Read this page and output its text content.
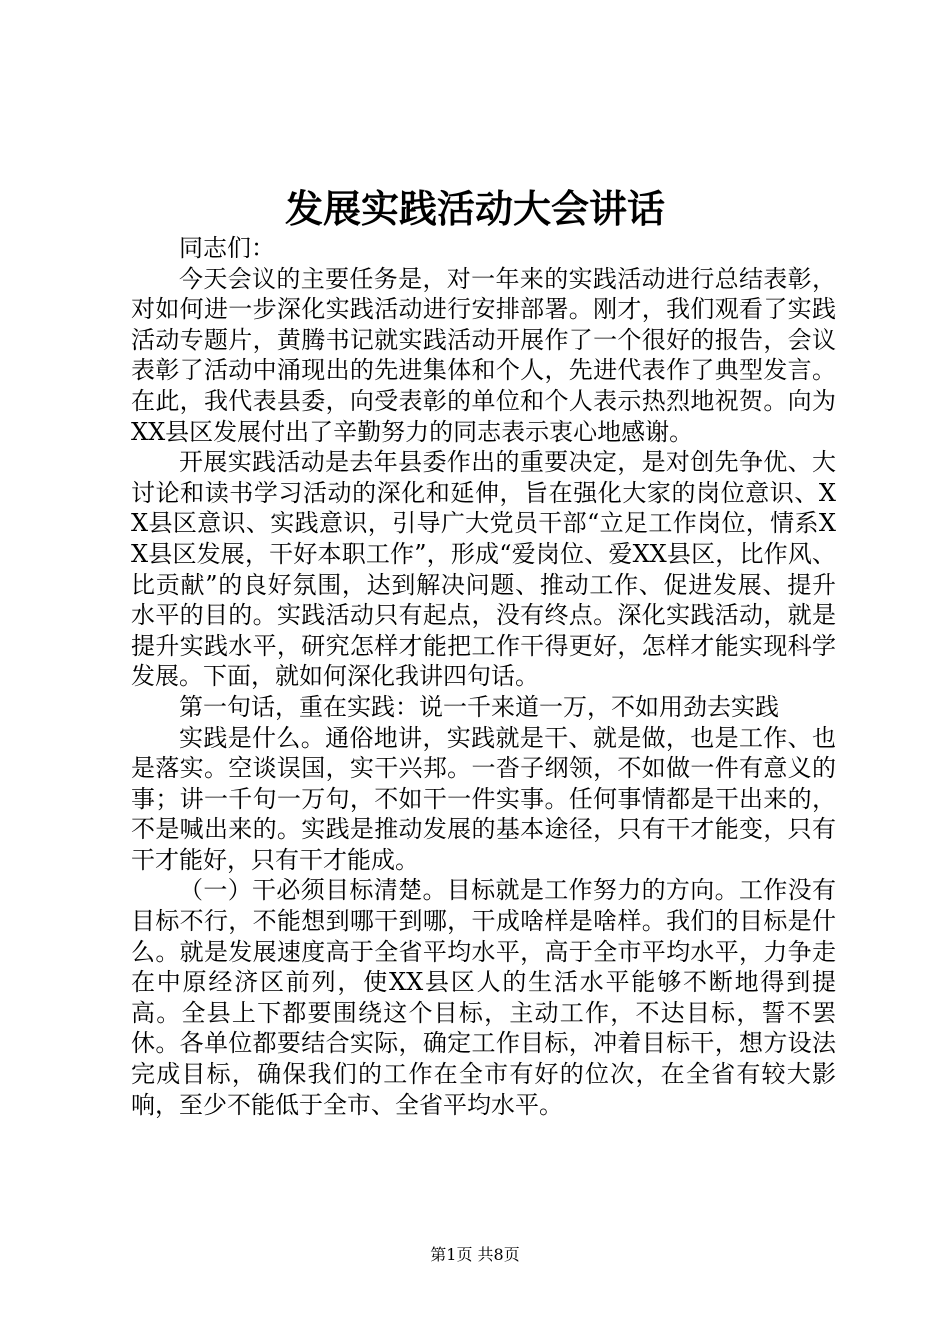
发展实践活动大会讲话

同志们：

今天会议的主要任务是，对一年来的实践活动进行总结表彰，对如何进一步深化实践活动进行安排部署。刚才，我们观看了实践活动专题片，黄腾书记就实践活动开展作了一个很好的报告，会议表彰了活动中涌现出的先进集体和个人，先进代表作了典型发言。在此，我代表县委，向受表彰的单位和个人表示热烈地祝贺。向为XX县区发展付出了辛勤努力的同志表示衷心地感谢。

开展实践活动是去年县委作出的重要决定，是对创先争优、大讨论和读书学习活动的深化和延伸，旨在强化大家的岗位意识、XX县区意识、实践意识，引导广大党员干部“立足工作岗位，情系XX县区发展，干好本职工作”，形成“爱岗位、爱XX县区，比作风、比贡献”的良好氛围，达到解决问题、推动工作、促进发展、提升水平的目的。实践活动只有起点，没有终点。深化实践活动，就是提升实践水平，研究怎样才能把工作干得更好，怎样才能实现科学发展。下面，就如何深化我讲四句话。

第一句话，重在实践：说一千来道一万，不如用劲去实践

实践是什么。通俗地讲，实践就是干、就是做，也是工作、也是落实。空谈误国，实干兴邦。一沓子纲领，不如做一件有意义的事；讲一千句一万句，不如干一件实事。任何事情都是干出来的，不是喊出来的。实践是推动发展的基本途径，只有干才能变，只有干才能好，只有干才能成。

（一）干必须目标清楚。目标就是工作努力的方向。工作没有目标不行，不能想到哪干到哪，干成啥样是啥样。我们的目标是什么。就是发展速度高于全省平均水平，高于全市平均水平，力争走在中原经济区前列，使XX县区人的生活水平能够不断地得到提高。全县上下都要围绕这个目标，主动工作，不达目标，誓不罢休。各单位都要结合实际，确定工作目标，冲着目标干，想方设法完成目标，确保我们的工作在全市有好的位次，在全省有较大影响，至少不能低于全市、全省平均水平。

第1页 共8页
